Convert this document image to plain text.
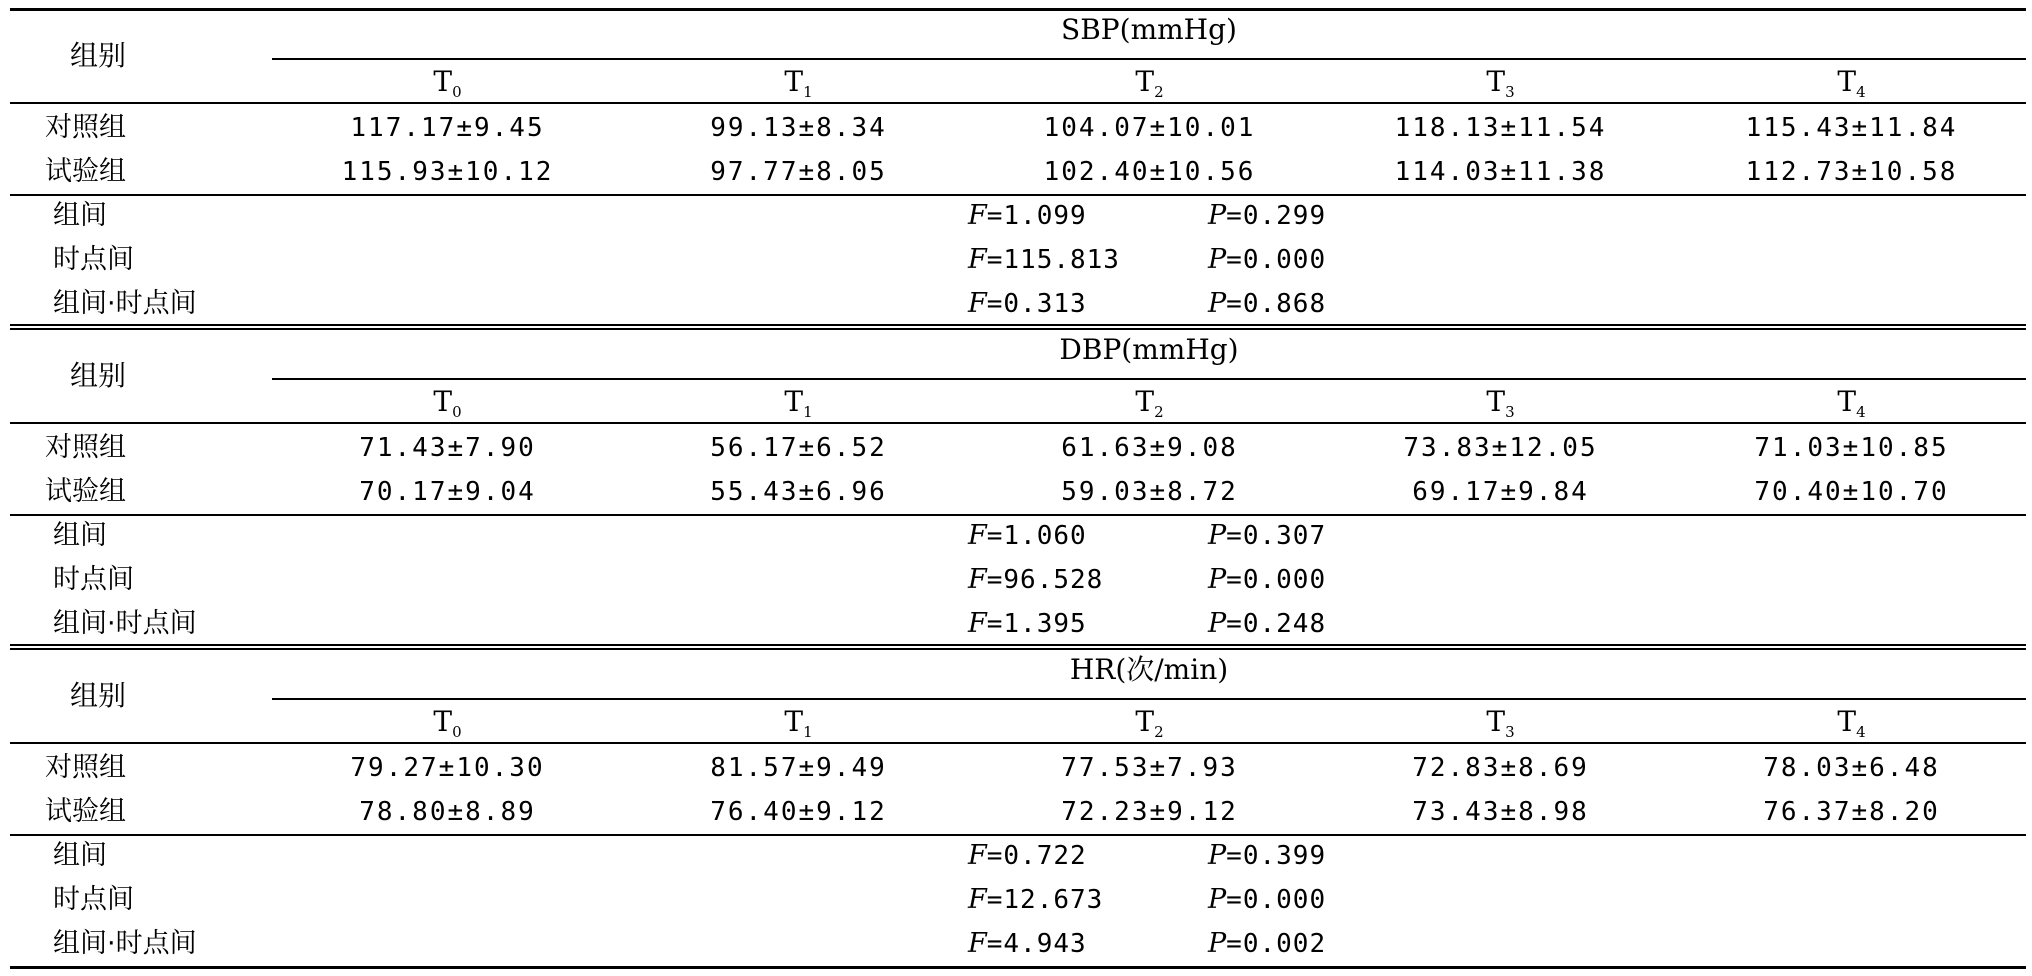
组别
SBP(mmHg)
$T_0$	$T_1$	$T_2$	$T_3$	$T_4$
对照组	117.17±9.45	99.13±8.34	104.07±10.01	118.13±11.54	115.43±11.84
试验组	115.93±10.12	97.77±8.05	102.40±10.56	114.03±11.38	112.73±10.58
组间	F=1.099	P=0.299
时点间	F=115.813	P=0.000
组间·时点间	F=0.313	P=0.868
组别
DBP(mmHg)
$T_0$	$T_1$	$T_2$	$T_3$	$T_4$
对照组	71.43±7.90	56.17±6.52	61.63±9.08	73.83±12.05	71.03±10.85
试验组	70.17±9.04	55.43±6.96	59.03±8.72	69.17±9.84	70.40±10.70
组间	F=1.060	P=0.307
时点间	F=96.528	P=0.000
组间·时点间	F=1.395	P=0.248
组别
HR(次/min)
$T_0$	$T_1$	$T_2$	$T_3$	$T_4$
对照组	79.27±10.30	81.57±9.49	77.53±7.93	72.83±8.69	78.03±6.48
试验组	78.80±8.89	76.40±9.12	72.23±9.12	73.43±8.98	76.37±8.20
组间	F=0.722	P=0.399
时点间	F=12.673	P=0.000
组间·时点间	F=4.943	P=0.002
